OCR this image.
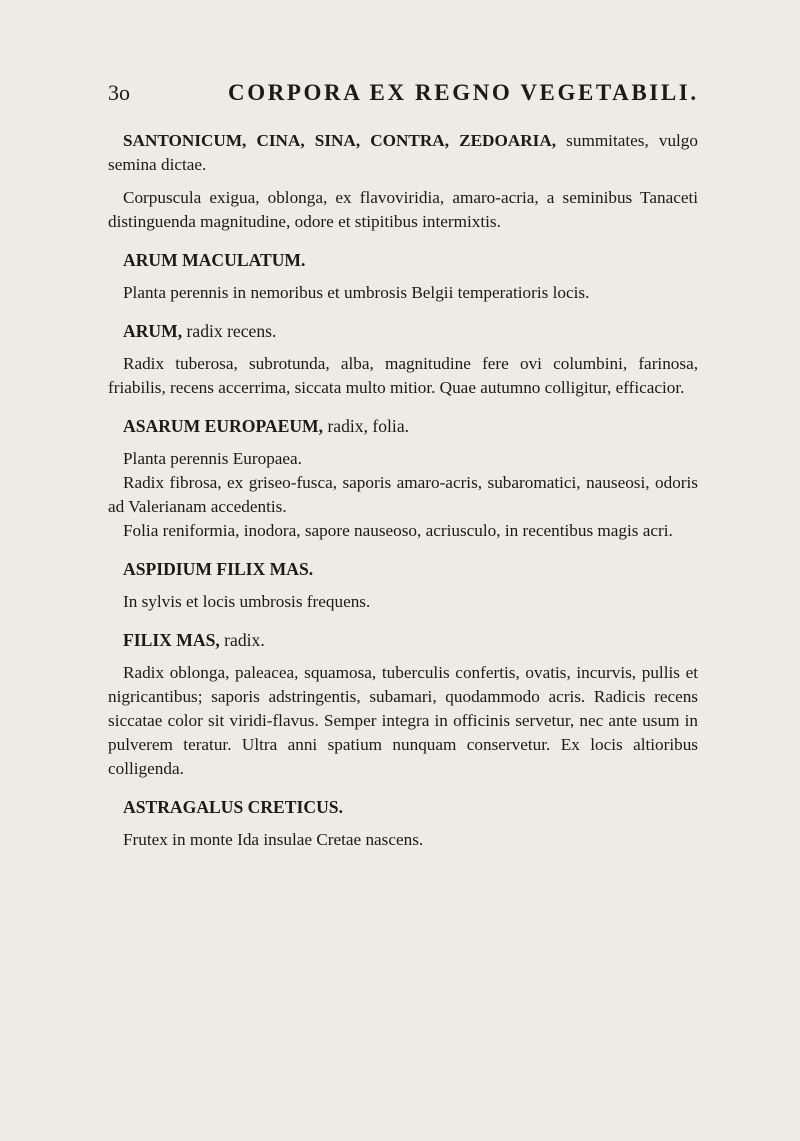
3o	CORPORA EX REGNO VEGETABILI.

SANTONICUM, CINA, SINA, CONTRA, ZEDOARIA, summitates, vulgo semina dictae.

Corpuscula exigua, oblonga, ex flavoviridia, amaro-acria, a seminibus Tanaceti distinguenda magnitudine, odore et stipitibus intermixtis.

ARUM MACULATUM.

Planta perennis in nemoribus et umbrosis Belgii temperatioris locis.

ARUM, radix recens.

Radix tuberosa, subrotunda, alba, magnitudine fere ovi columbini, farinosa, friabilis, recens accerrima, siccata multo mitior. Quae autumno colligitur, efficacior.

ASARUM EUROPAEUM, radix, folia.

Planta perennis Europaea.

Radix fibrosa, ex griseo-fusca, saporis amaro-acris, subaromatici, nauseosi, odoris ad Valerianam accedentis.

Folia reniformia, inodora, sapore nauseoso, acriusculo, in recentibus magis acri.

ASPIDIUM FILIX MAS.

In sylvis et locis umbrosis frequens.

FILIX MAS, radix.

Radix oblonga, paleacea, squamosa, tuberculis confertis, ovatis, incurvis, pullis et nigricantibus; saporis adstringentis, subamari, quodammodo acris. Radicis recens siccatae color sit viridi-flavus. Semper integra in officinis servetur, nec ante usum in pulverem teratur. Ultra anni spatium nunquam conservetur. Ex locis altioribus colligenda.

ASTRAGALUS CRETICUS.

Frutex in monte Ida insulae Cretae nascens.
